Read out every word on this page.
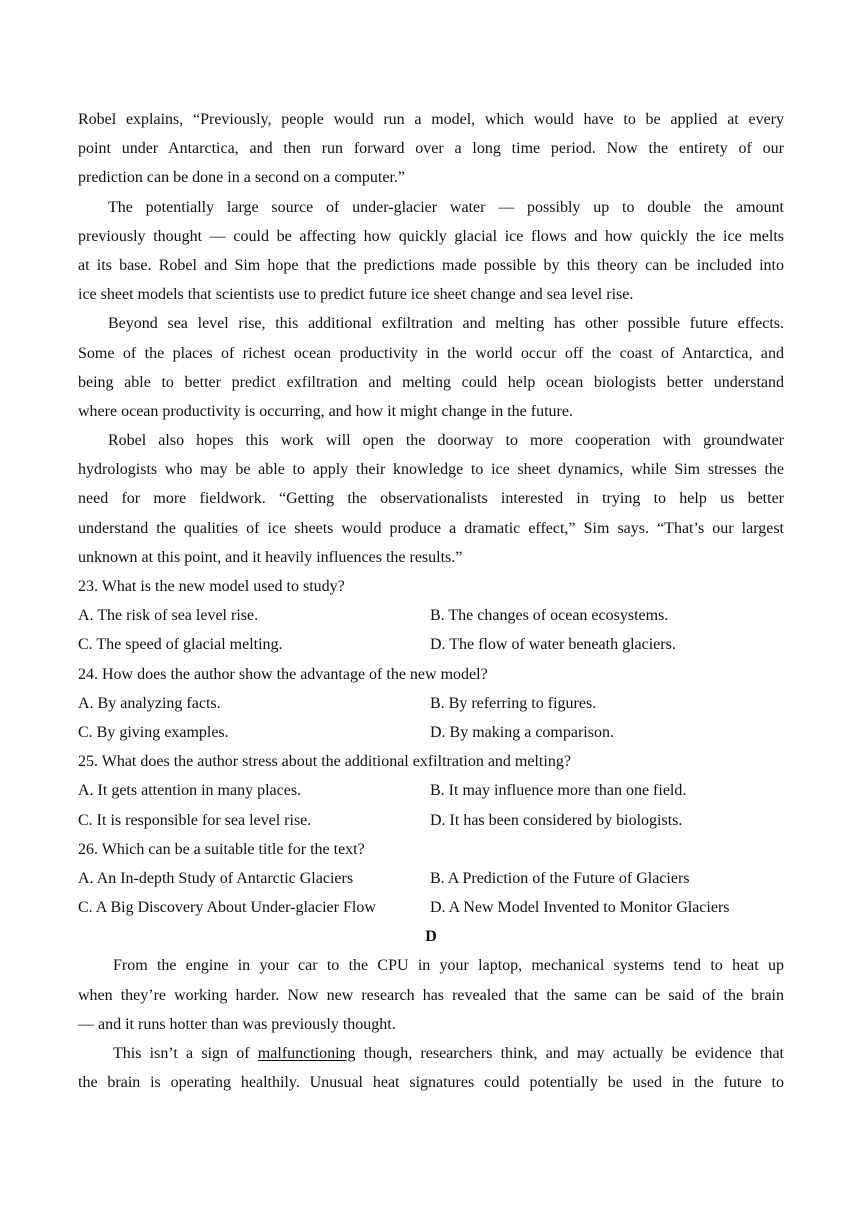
Robel explains, “Previously, people would run a model, which would have to be applied at every
point under Antarctica, and then run forward over a long time period. Now the entirety of our
prediction can be done in a second on a computer.”
The potentially large source of under-glacier water — possibly up to double the amount
previously thought — could be affecting how quickly glacial ice flows and how quickly the ice melts
at its base. Robel and Sim hope that the predictions made possible by this theory can be included into
ice sheet models that scientists use to predict future ice sheet change and sea level rise.
Beyond sea level rise, this additional exfiltration and melting has other possible future effects.
Some of the places of richest ocean productivity in the world occur off the coast of Antarctica, and
being able to better predict exfiltration and melting could help ocean biologists better understand
where ocean productivity is occurring, and how it might change in the future.
Robel also hopes this work will open the doorway to more cooperation with groundwater
hydrologists who may be able to apply their knowledge to ice sheet dynamics, while Sim stresses the
need for more fieldwork. “Getting the observationalists interested in trying to help us better
understand the qualities of ice sheets would produce a dramatic effect,” Sim says. “That’s our largest
unknown at this point, and it heavily influences the results.”
23. What is the new model used to study?
A. The risk of sea level rise.	B. The changes of ocean ecosystems.
C. The speed of glacial melting.	D. The flow of water beneath glaciers.
24. How does the author show the advantage of the new model?
A. By analyzing facts.	B. By referring to figures.
C. By giving examples.	D. By making a comparison.
25. What does the author stress about the additional exfiltration and melting?
A. It gets attention in many places.	B. It may influence more than one field.
C. It is responsible for sea level rise.	D. It has been considered by biologists.
26. Which can be a suitable title for the text?
A. An In-depth Study of Antarctic Glaciers	B. A Prediction of the Future of Glaciers
C. A Big Discovery About Under-glacier Flow	D. A New Model Invented to Monitor Glaciers
D
From the engine in your car to the CPU in your laptop, mechanical systems tend to heat up
when they’re working harder. Now new research has revealed that the same can be said of the brain
— and it runs hotter than was previously thought.
This isn’t a sign of malfunctioning though, researchers think, and may actually be evidence that
the brain is operating healthily. Unusual heat signatures could potentially be used in the future to
